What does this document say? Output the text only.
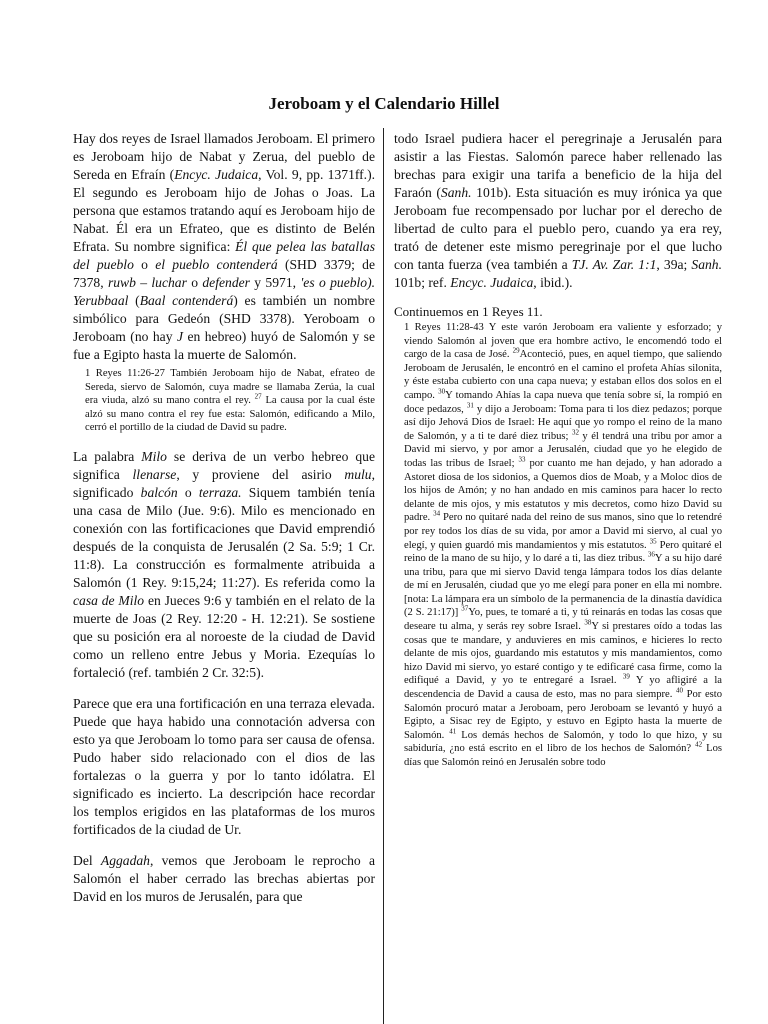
Jeroboam y el Calendario Hillel

Hay dos reyes de Israel llamados Jeroboam. El primero es Jeroboam hijo de Nabat y Zerua, del pueblo de Sereda en Efraín (Encyc. Judaica, Vol. 9, pp. 1371ff.). El segundo es Jeroboam hijo de Johas o Joas. La persona que estamos tratando aquí es Jeroboam hijo de Nabat. Él era un Efrateo, que es distinto de Belén Efrata. Su nombre significa: Él que pelea las batallas del pueblo o el pueblo contenderá (SHD 3379; de 7378, ruwb – luchar o defender y 5971, 'es o pueblo). Yerubbaal (Baal contenderá) es también un nombre simbólico para Gedeón (SHD 3378). Yeroboam o Jeroboam (no hay J en hebreo) huyó de Salomón y se fue a Egipto hasta la muerte de Salomón.

1 Reyes 11:26-27 También Jeroboam hijo de Nabat, efrateo de Sereda, siervo de Salomón, cuya madre se llamaba Zerúa, la cual era viuda, alzó su mano contra el rey. $^{27}$ La causa por la cual éste alzó su mano contra el rey fue esta: Salomón, edificando a Milo, cerró el portillo de la ciudad de David su padre.

La palabra Milo se deriva de un verbo hebreo que significa llenarse, y proviene del asirio mulu, significado balcón o terraza. Siquem también tenía una casa de Milo (Jue. 9:6). Milo es mencionado en conexión con las fortificaciones que David emprendió después de la conquista de Jerusalén (2 Sa. 5:9; 1 Cr. 11:8). La construcción es formalmente atribuida a Salomón (1 Rey. 9:15,24; 11:27). Es referida como la casa de Milo en Jueces 9:6 y también en el relato de la muerte de Joas (2 Rey. 12:20 - H. 12:21). Se sostiene que su posición era al noroeste de la ciudad de David como un relleno entre Jebus y Moria. Ezequías lo fortaleció (ref. también 2 Cr. 32:5).

Parece que era una fortificación en una terraza elevada. Puede que haya habido una connotación adversa con esto ya que Jeroboam lo tomo para ser causa de ofensa. Pudo haber sido relacionado con el dios de las fortalezas o la guerra y por lo tanto idólatra. El significado es incierto. La descripción hace recordar los templos erigidos en las plataformas de los muros fortificados de la ciudad de Ur.

Del Aggadah, vemos que Jeroboam le reprocho a Salomón el haber cerrado las brechas abiertas por David en los muros de Jerusalén, para que

todo Israel pudiera hacer el peregrinaje a Jerusalén para asistir a las Fiestas. Salomón parece haber rellenado las brechas para exigir una tarifa a beneficio de la hija del Faraón (Sanh. 101b). Esta situación es muy irónica ya que Jeroboam fue recompensado por luchar por el derecho de libertad de culto para el pueblo pero, cuando ya era rey, trató de detener este mismo peregrinaje por el que lucho con tanta fuerza (vea también a TJ. Av. Zar. 1:1, 39a; Sanh. 101b; ref. Encyc. Judaica, ibid.).

Continuemos en 1 Reyes 11.

1 Reyes 11:28-43 Y este varón Jeroboam era valiente y esforzado; y viendo Salomón al joven que era hombre activo, le encomendó todo el cargo de la casa de José. $^{29}$Aconteció, pues, en aquel tiempo, que saliendo Jeroboam de Jerusalén, le encontró en el camino el profeta Ahías silonita, y éste estaba cubierto con una capa nueva; y estaban ellos dos solos en el campo. $^{30}$Y tomando Ahías la capa nueva que tenía sobre sí, la rompió en doce pedazos, $^{31}$ y dijo a Jeroboam: Toma para ti los diez pedazos; porque así dijo Jehová Dios de Israel: He aquí que yo rompo el reino de la mano de Salomón, y a ti te daré diez tribus; $^{32}$ y él tendrá una tribu por amor a David mi siervo, y por amor a Jerusalén, ciudad que yo he elegido de todas las tribus de Israel; $^{33}$ por cuanto me han dejado, y han adorado a Astoret diosa de los sidonios, a Quemos dios de Moab, y a Moloc dios de los hijos de Amón; y no han andado en mis caminos para hacer lo recto delante de mis ojos, y mis estatutos y mis decretos, como hizo David su padre. $^{34}$ Pero no quitaré nada del reino de sus manos, sino que lo retendré por rey todos los días de su vida, por amor a David mi siervo, al cual yo elegí, y quien guardó mis mandamientos y mis estatutos. $^{35}$ Pero quitaré el reino de la mano de su hijo, y lo daré a ti, las diez tribus. $^{36}$Y a su hijo daré una tribu, para que mi siervo David tenga lámpara todos los días delante de mí en Jerusalén, ciudad que yo me elegí para poner en ella mi nombre. [nota: La lámpara era un símbolo de la permanencia de la dinastía davídica (2 S. 21:17)] $^{37}$Yo, pues, te tomaré a ti, y tú reinarás en todas las cosas que deseare tu alma, y serás rey sobre Israel. $^{38}$Y si prestares oído a todas las cosas que te mandare, y anduvieres en mis caminos, e hicieres lo recto delante de mis ojos, guardando mis estatutos y mis mandamientos, como hizo David mi siervo, yo estaré contigo y te edificaré casa firme, como la edifiqué a David, y yo te entregaré a Israel. $^{39}$ Y yo afligiré a la descendencia de David a causa de esto, mas no para siempre. $^{40}$ Por esto Salomón procuró matar a Jeroboam, pero Jeroboam se levantó y huyó a Egipto, a Sisac rey de Egipto, y estuvo en Egipto hasta la muerte de Salomón. $^{41}$ Los demás hechos de Salomón, y todo lo que hizo, y su sabiduría, ¿no está escrito en el libro de los hechos de Salomón? $^{42}$ Los días que Salomón reinó en Jerusalén sobre todo
